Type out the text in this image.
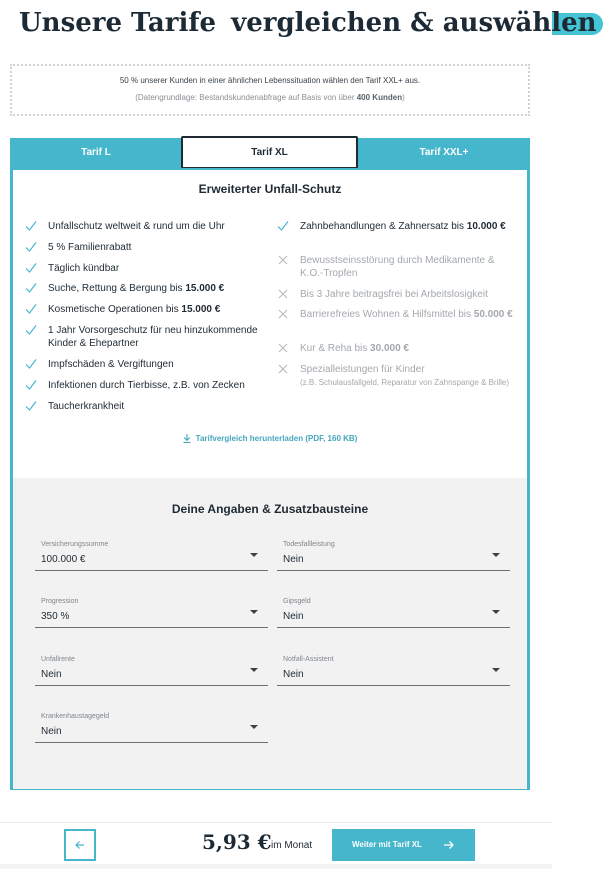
Unsere Tarife vergleichen & auswählen
50 % unserer Kunden in einer ähnlichen Lebenssituation wählen den Tarif XXL+ aus.
(Datengrundlage: Bestandskundenabfrage auf Basis von über 400 Kunden)
Tarif L	Tarif XXL+
Tarif XL
Erweiterter Unfall-Schutz
Unfallschutz weltweit & rund um die Uhr
5 % Familienrabatt
Täglich kündbar
Suche, Rettung & Bergung bis 15.000 €
Kosmetische Operationen bis 15.000 €
1 Jahr Vorsorgeschutz für neu hinzukommende Kinder & Ehepartner
Impfschäden & Vergiftungen
Infektionen durch Tierbisse, z.B. von Zecken
Taucherkrankheit
Zahnbehandlungen & Zahnersatz bis 10.000 €
Bewusstseinsstörung durch Medikamente & K.O.-Tropfen
Bis 3 Jahre beitragsfrei bei Arbeitslosigkeit
Barrierefreies Wohnen & Hilfsmittel bis 50.000 €
Kur & Reha bis 30.000 €
Spezialleistungen für Kinder
(z.B. Schulausfallgeld, Reparatur von Zahnspange & Brille)
Tarifvergleich herunterladen (PDF, 160 KB)
Deine Angaben & Zusatzbausteine
Versicherungssumme
100.000 €
Todesfallleistung
Nein
Progression
350 %
Gipsgeld
Nein
Unfallrente
Nein
Notfall-Assistent
Nein
Krankenhaustagegeld
Nein
5,93 € im Monat	Weiter mit Tarif XL
